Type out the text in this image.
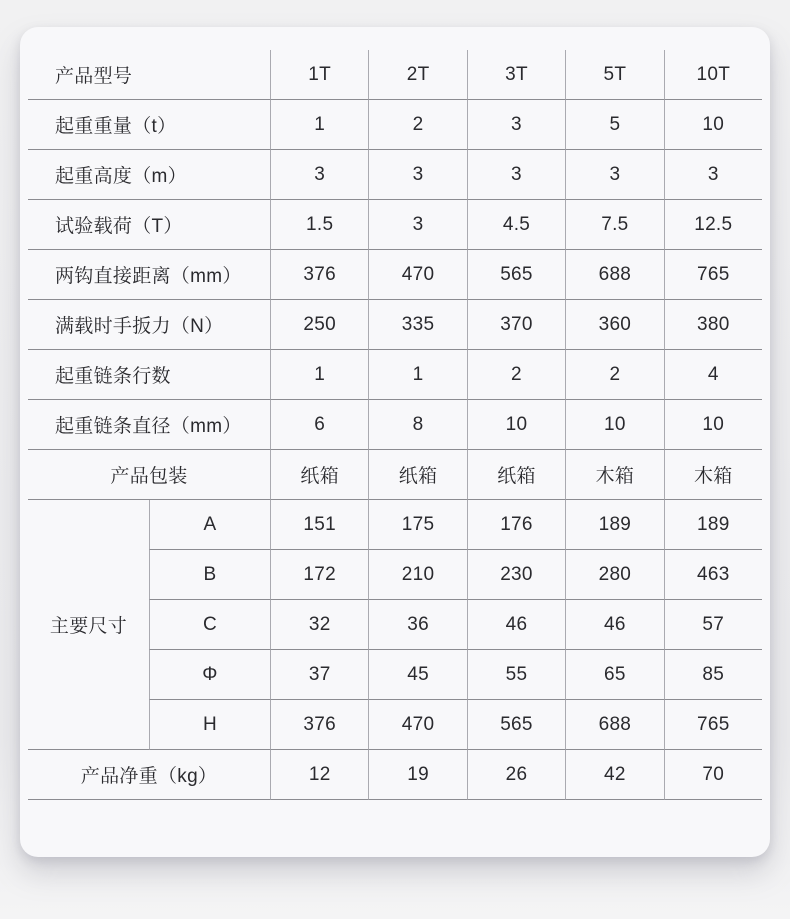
产品型号	1T	2T	3T	5T	10T
起重重量（t）	1	2	3	5	10
起重高度（m）	3	3	3	3	3
试验载荷（T）	1.5	3	4.5	7.5	12.5
两钩直接距离（mm）	376	470	565	688	765
满载时手扳力（N）	250	335	370	360	380
起重链条行数	1	1	2	2	4
起重链条直径（mm）	6	8	10	10	10
产品包装	纸箱	纸箱	纸箱	木箱	木箱
主要尺寸
A	151	175	176	189	189
B	172	210	230	280	463
C	32	36	46	46	57
Φ	37	45	55	65	85
H	376	470	565	688	765
产品净重（kg）	12	19	26	42	70
